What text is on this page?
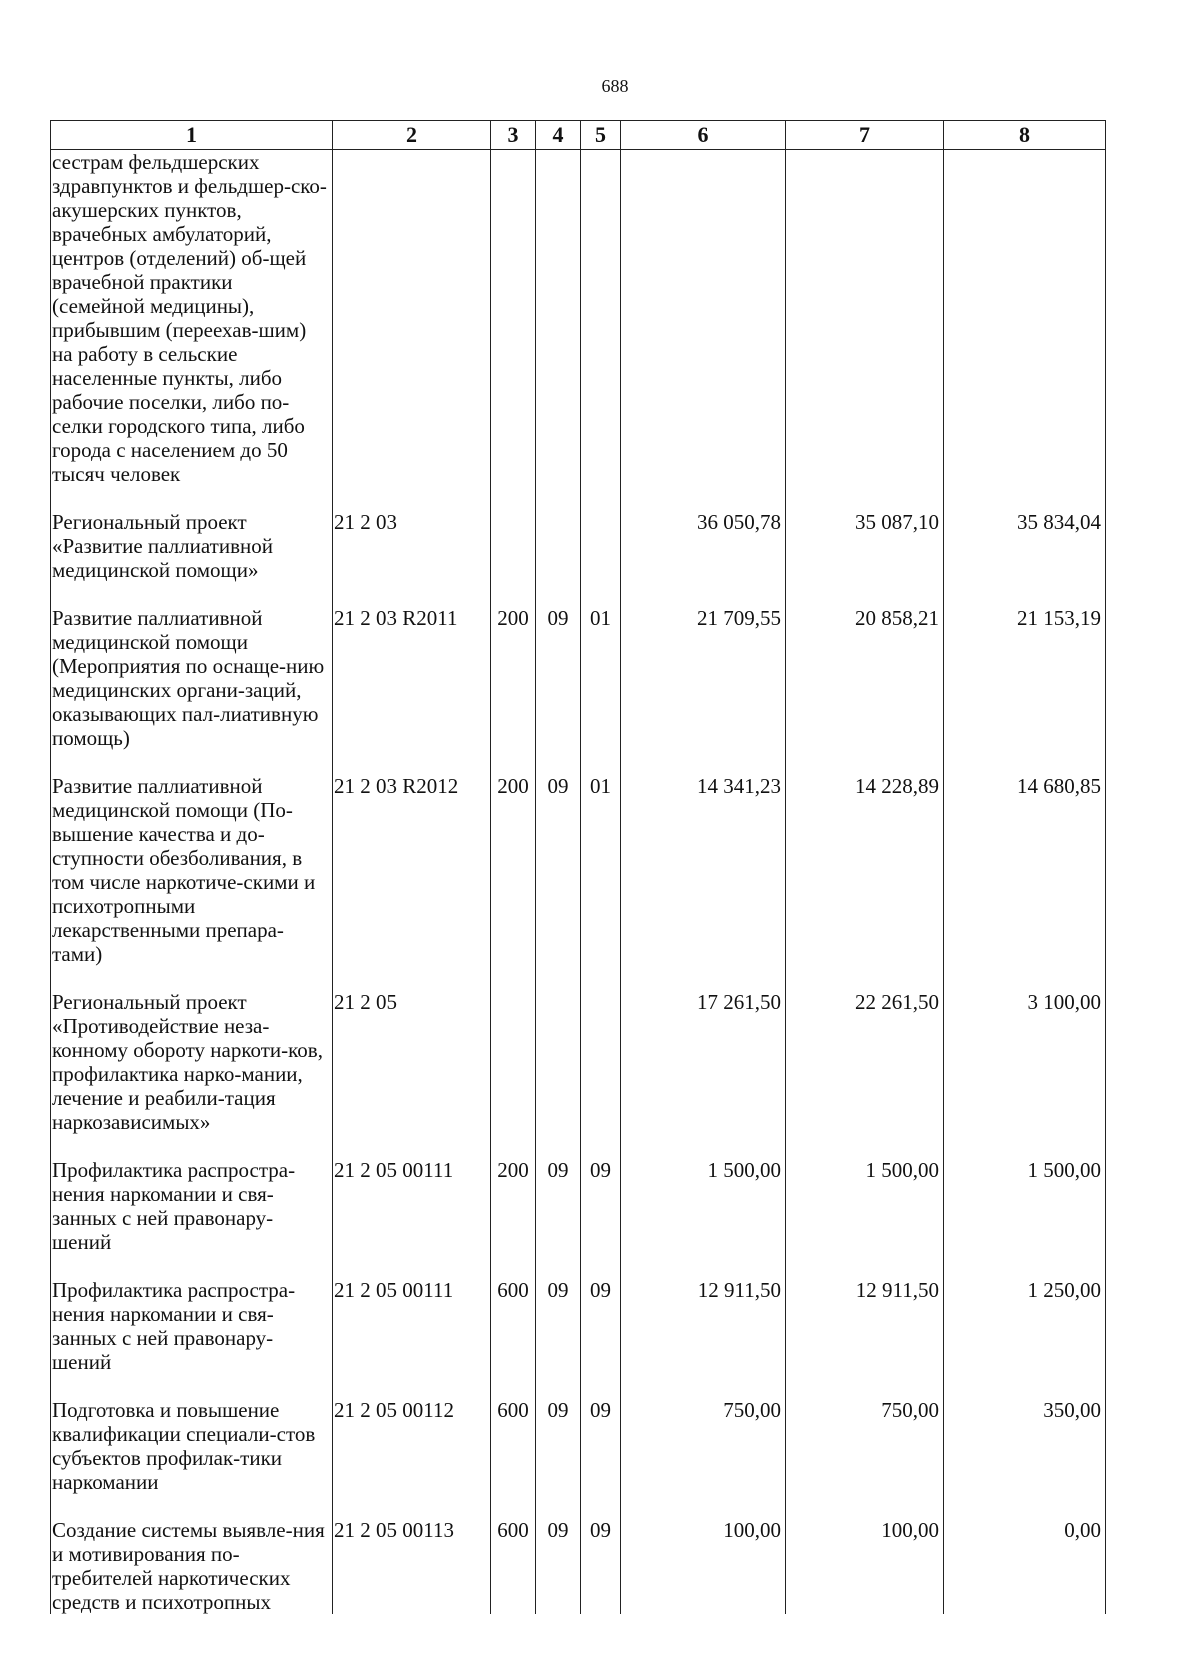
688
1	2	3	4	5	6	7	8
сестрам фельдшерских здравпунктов и фельдшер-ско-акушерских пунктов, врачебных амбулаторий, центров (отделений) об-щей врачебной практики (семейной медицины), прибывшим (переехав-шим) на работу в сельские населенные пункты, либо рабочие поселки, либо по-селки городского типа, либо города с населением до 50 тысяч человек							
Региональный проект «Развитие паллиативной медицинской помощи»	21 2 03				36 050,78	35 087,10	35 834,04
Развитие паллиативной медицинской помощи (Мероприятия по оснаще-нию медицинских органи-заций, оказывающих пал-лиативную помощь)	21 2 03 R2011	200	09	01	21 709,55	20 858,21	21 153,19
Развитие паллиативной медицинской помощи (По-вышение качества и до-ступности обезболивания, в том числе наркотиче-скими и психотропными лекарственными препара-тами)	21 2 03 R2012	200	09	01	14 341,23	14 228,89	14 680,85
Региональный проект «Противодействие неза-конному обороту наркоти-ков, профилактика нарко-мании, лечение и реабили-тация наркозависимых»	21 2 05				17 261,50	22 261,50	3 100,00
Профилактика распростра-нения наркомании и свя-занных с ней правонару-шений	21 2 05 00111	200	09	09	1 500,00	1 500,00	1 500,00
Профилактика распростра-нения наркомании и свя-занных с ней правонару-шений	21 2 05 00111	600	09	09	12 911,50	12 911,50	1 250,00
Подготовка и повышение квалификации специали-стов субъектов профилак-тики наркомании	21 2 05 00112	600	09	09	750,00	750,00	350,00
Создание системы выявле-ния и мотивирования по-требителей наркотических средств и психотропных	21 2 05 00113	600	09	09	100,00	100,00	0,00
